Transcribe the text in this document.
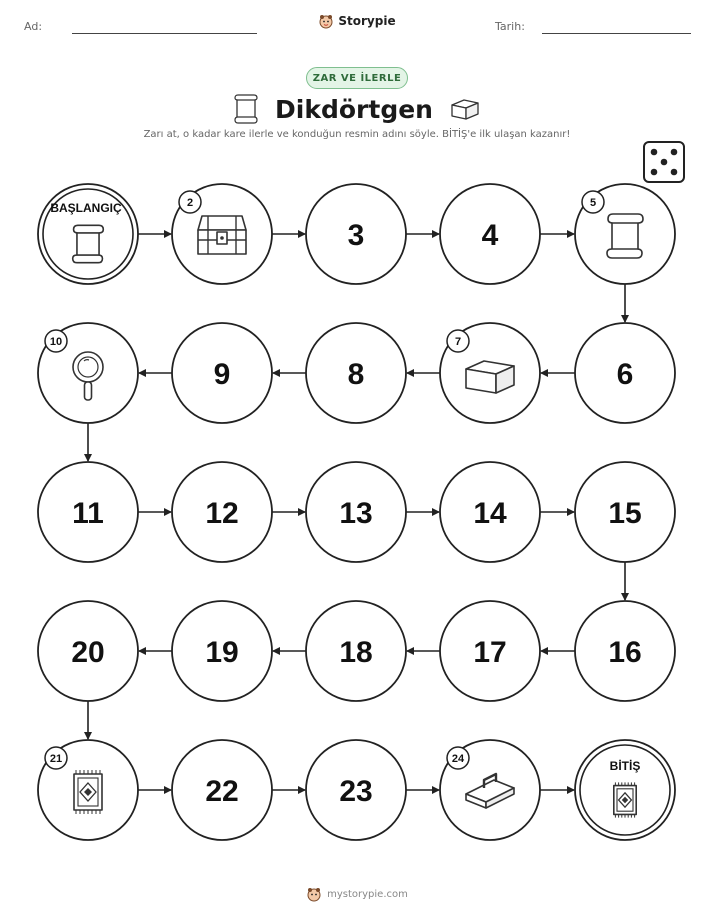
Ad:	Tarih:
Storypie
ZAR VE İLERLE
Dikdörtgen
Zarı at, o kadar kare ilerle ve konduğun resmin adını söyle. BİTİŞ'e ilk ulaşan kazanır!
BAŞLANGIÇ	2
3	4
5
6
7
8
9
10
11	12	13	14	15
16
17
18
19
20
21
22	23
24	BİTİŞ
mystorypie.com
